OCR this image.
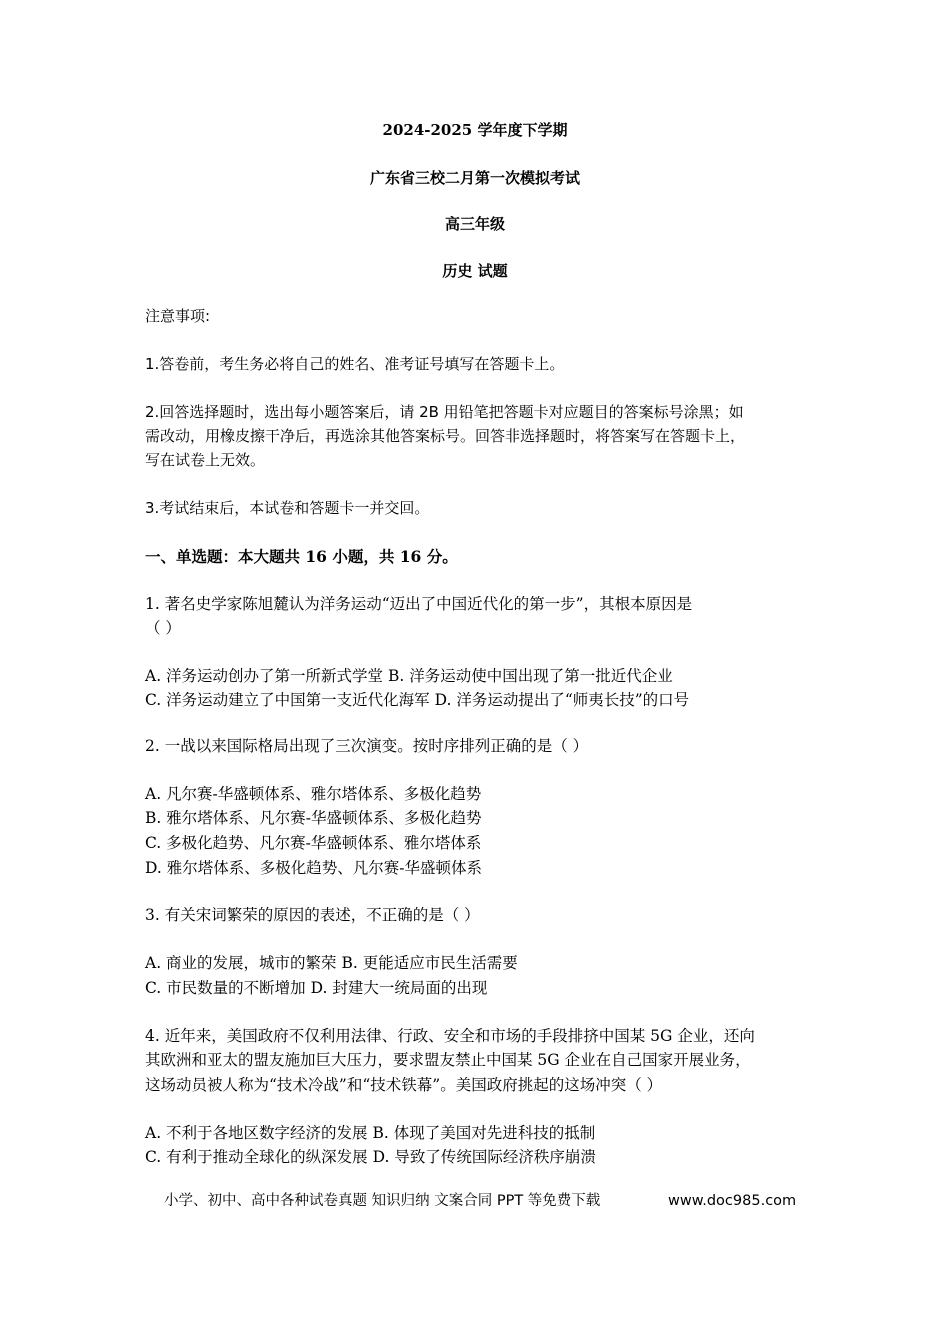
2024-2025 学年度下学期
广东省三校二月第一次模拟考试
高三年级
历史 试题
注意事项:
1.答卷前，考生务必将自己的姓名、准考证号填写在答题卡上。
2.回答选择题时，选出每小题答案后，请 2B 用铅笔把答题卡对应题目的答案标号涂黑；如
需改动，用橡皮擦干净后，再选涂其他答案标号。回答非选择题时，将答案写在答题卡上，
写在试卷上无效。
3.考试结束后，本试卷和答题卡一并交回。
一、单选题：本大题共 16 小题，共 16 分。
1. 著名史学家陈旭麓认为洋务运动“迈出了中国近代化的第一步”，其根本原因是
（ ）
A. 洋务运动创办了第一所新式学堂 B. 洋务运动使中国出现了第一批近代企业
C. 洋务运动建立了中国第一支近代化海军 D. 洋务运动提出了“师夷长技”的口号
2. 一战以来国际格局出现了三次演变。按时序排列正确的是（ ）
A. 凡尔赛-华盛顿体系、雅尔塔体系、多极化趋势
B. 雅尔塔体系、凡尔赛-华盛顿体系、多极化趋势
C. 多极化趋势、凡尔赛-华盛顿体系、雅尔塔体系
D. 雅尔塔体系、多极化趋势、凡尔赛-华盛顿体系
3. 有关宋词繁荣的原因的表述，不正确的是（ ）
A. 商业的发展，城市的繁荣 B. 更能适应市民生活需要
C. 市民数量的不断增加 D. 封建大一统局面的出现
4. 近年来，美国政府不仅利用法律、行政、安全和市场的手段排挤中国某 5G 企业，还向
其欧洲和亚太的盟友施加巨大压力，要求盟友禁止中国某 5G 企业在自己国家开展业务，
这场动员被人称为“技术冷战”和“技术铁幕”。美国政府挑起的这场冲突（ ）
A. 不利于各地区数字经济的发展 B. 体现了美国对先进科技的抵制
C. 有利于推动全球化的纵深发展 D. 导致了传统国际经济秩序崩溃
小学、初中、高中各种试卷真题 知识归纳 文案合同 PPT 等免费下载	www.doc985.com
